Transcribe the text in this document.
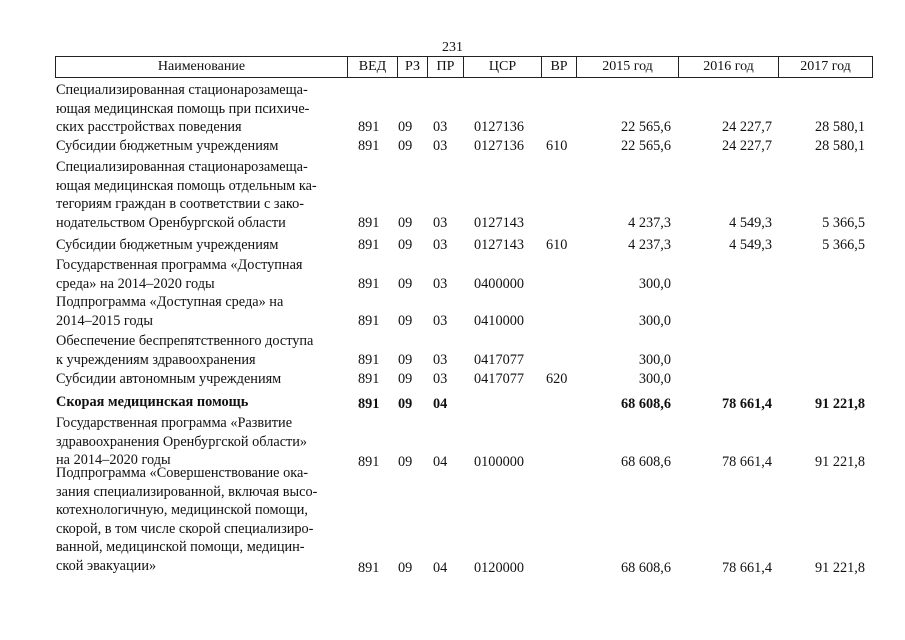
231
Наименование	ВЕД	РЗ	ПР	ЦСР	ВР	2015 год	2016 год	2017 год
Специализированная стационарозамеща-
ющая медицинская помощь при психиче-
ских расстройствах поведения	891 09 03 0127136	22 565,6	24 227,7	28 580,1
Субсидии бюджетным учреждениям	891 09 03 0127136 610	22 565,6	24 227,7	28 580,1
Специализированная стационарозамеща-
ющая медицинская помощь отдельным ка-
тегориям граждан в соответствии с зако-
нодательством Оренбургской области	891 09 03 0127143	4 237,3	4 549,3	5 366,5
Субсидии бюджетным учреждениям	891 09 03 0127143 610	4 237,3	4 549,3	5 366,5
Государственная программа «Доступная
среда» на 2014–2020 годы	891 09 03 0400000	300,0
Подпрограмма «Доступная среда» на
2014–2015 годы	891 09 03 0410000	300,0
Обеспечение беспрепятственного доступа
к учреждениям здравоохранения	891 09 03 0417077	300,0
Субсидии автономным учреждениям	891 09 03 0417077 620	300,0
Скорая медицинская помощь	891 09 04	68 608,6	78 661,4	91 221,8
Государственная программа «Развитие
здравоохранения Оренбургской области»
на 2014–2020 годы	891 09 04 0100000	68 608,6	78 661,4	91 221,8
Подпрограмма «Совершенствование ока-
зания специализированной, включая высо-
котехнологичную, медицинской помощи,
скорой, в том числе скорой специализиро-
ванной, медицинской помощи, медицин-
ской эвакуации»	891 09 04 0120000	68 608,6	78 661,4	91 221,8
